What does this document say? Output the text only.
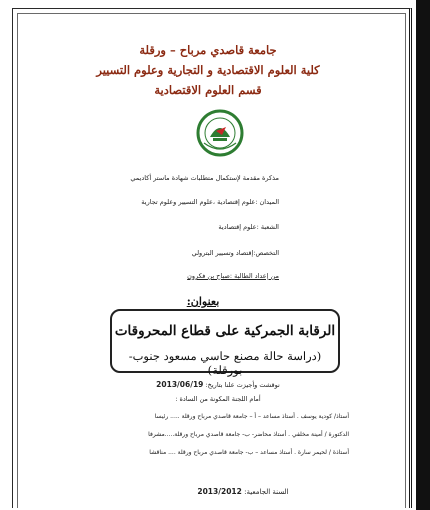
جامعة قاصدي مرباح – ورقلة
كلية العلوم الاقتصادية و التجارية وعلوم التسيير
قسم العلوم الاقتصادية
مذكرة مقدمة لإستكمال متطلبات شهادة ماستر أكاديمي
الميدان :علوم إقتصادية ،علوم التسيير وعلوم تجارية
الشعبة :علوم إقتصادية
التخصص:إقتصاد وتسيير البترولي
من إعداد الطالبة :صباح بن فكرون
بعنوان:
الرقابة الجمركية على قطاع المحروقات
(دراسة حالة مصنع حاسي مسعود جنوب- بورقلة)
نوقشت وأجيزت علنا بتاريخ: 2013/06/19
أمام اللجنة المكونة من السادة :
أستاذ/ كودية يوسف . أستاذ مساعد – أ – جامعة قاصدي مرباح ورقلة ..... رئيسا
الدكتورة / أمينة مخلفي . أستاذ محاضر- ب- جامعة قاصدي مرباح ورقلة.....مشرفا
أستاذة / لحيمر سارة . أستاذ مساعد – ب- جامعة قاصدي مرباح ورقلة .... مناقشا
السنة الجامعية: 2013/2012
